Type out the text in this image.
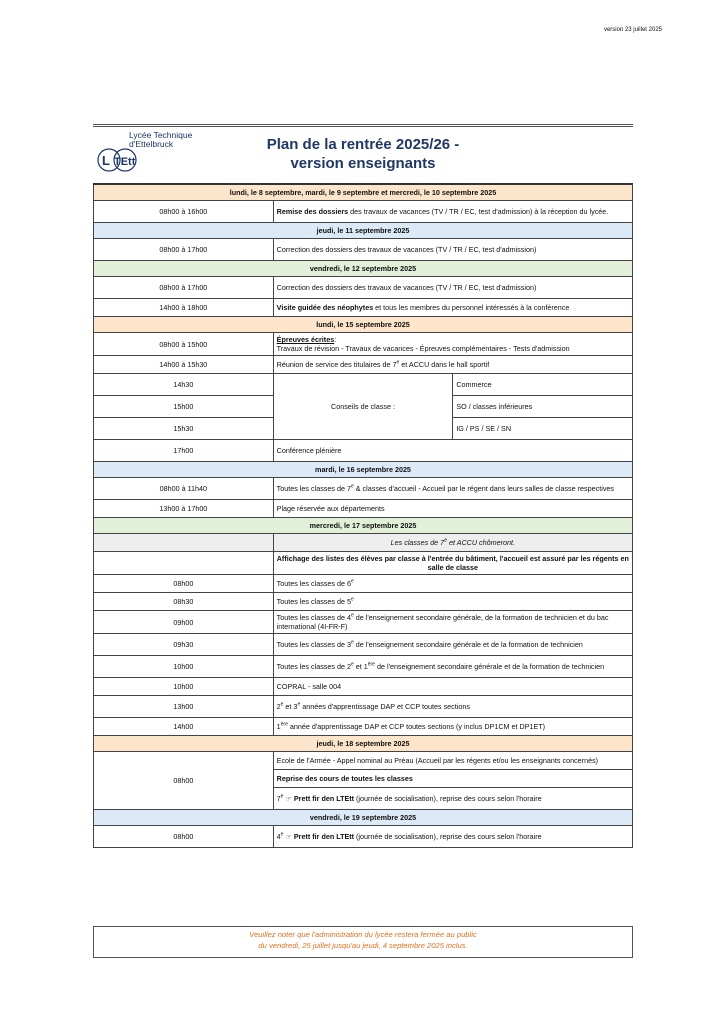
version 23 juillet 2025
Lycée Technique
d'Ettelbruck
L TEtt
Plan de la rentrée 2025/26 -
version enseignants
lundi, le 8 septembre, mardi, le 9 septembre et mercredi, le 10 septembre 2025		
08h00 à 16h00	Remise des dossiers des travaux de vacances (TV / TR / EC, test d'admission) à la réception du lycée.	
jeudi, le 11 septembre 2025		
08h00 à 17h00	Correction des dossiers des travaux de vacances (TV / TR / EC, test d'admission)	
vendredi, le 12 septembre 2025		
08h00 à 17h00	Correction des dossiers des travaux de vacances (TV / TR / EC, test d'admission)	
14h00 à 18h00	Visite guidée des néophytes et tous les membres du personnel intéressés à la conférence	
lundi, le 15 septembre 2025		
08h00 à 15h00	Épreuves écrites:
Travaux de révision - Travaux de vacances - Épreuves complémentaires - Tests d'admission	
14h00 à 15h30	Réunion de service des titulaires de 7e et ACCU dans le hall sportif	
14h30	Conseils de classe :	Commerce
15h00		SO / classes inférieures
15h30		IG / PS / SE / SN
17h00	Conférence plénière	
mardi, le 16 septembre 2025		
08h00 à 11h40	Toutes les classes de 7e & classes d'accueil - Accueil par le régent dans leurs salles de classe respectives	
13h00 à 17h00	Plage réservée aux départements	
mercredi, le 17 septembre 2025		
	Les classes de 7e et ACCU chômeront.	
	Affichage des listes des élèves par classe à l'entrée du bâtiment, l'accueil est assuré par les régents en salle de classe	
08h00	Toutes les classes de 6e
08h30	Toutes les classes de 5e
09h00	Toutes les classes de 4e de l'enseignement secondaire générale, de la formation de technicien et du bac international (4I-FR-F)	
09h30	Toutes les classes de 3e de l'enseignement secondaire générale et de la formation de technicien	
10h00	Toutes les classes de 2e et 1ère de l'enseignement secondaire générale et de la formation de technicien	
10h00	COPRAL - salle 004	
13h00	2e et 3e années d'apprentissage DAP et CCP toutes sections	
14h00	1ère année d'apprentissage DAP et CCP toutes sections (y inclus DP1CM et DP1ET)	
jeudi, le 18 septembre 2025		
08h00	Ecole de l'Armée - Appel nominal au Préau (Accueil par les régents et/ou les enseignants concernés)	
	Reprise des cours de toutes les classes	
	7e ☞ Prett fir den LTEtt (journée de socialisation), reprise des cours selon l'horaire	
vendredi, le 19 septembre 2025		
08h00	4e ☞ Prett fir den LTEtt (journée de socialisation), reprise des cours selon l'horaire	
Veuillez noter que l'administration du lycée restera fermée au public
du vendredi, 25 juillet jusqu'au jeudi, 4 septembre 2025 inclus.
